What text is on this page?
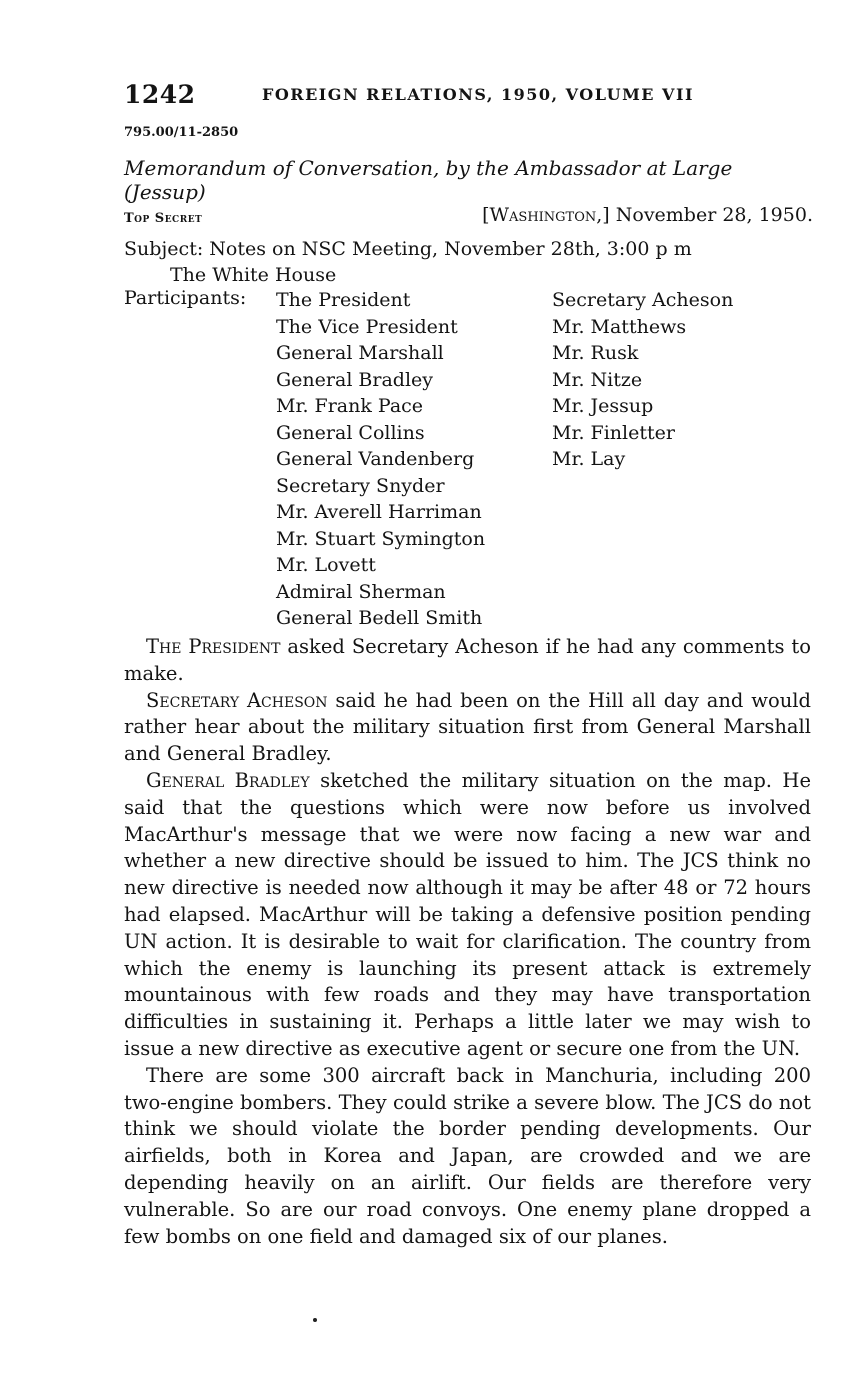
1242	FOREIGN RELATIONS, 1950, VOLUME VII
795.00/11-2850
Memorandum of Conversation, by the Ambassador at Large (Jessup)
Top Secret	[Washington,] November 28, 1950.
Subject: Notes on NSC Meeting, November 28th, 3:00 p m
The White House
Participants: The President
The Vice President
General Marshall
General Bradley
Mr. Frank Pace
General Collins
General Vandenberg
Secretary Snyder
Mr. Averell Harriman
Mr. Stuart Symington
Mr. Lovett
Admiral Sherman
General Bedell Smith
Secretary Acheson
Mr. Matthews
Mr. Rusk
Mr. Nitze
Mr. Jessup
Mr. Finletter
Mr. Lay

The President asked Secretary Acheson if he had any comments to make.

Secretary Acheson said he had been on the Hill all day and would rather hear about the military situation first from General Marshall and General Bradley.

General Bradley sketched the military situation on the map. He said that the questions which were now before us involved MacArthur's message that we were now facing a new war and whether a new directive should be issued to him. The JCS think no new directive is needed now although it may be after 48 or 72 hours had elapsed. MacArthur will be taking a defensive position pending UN action. It is desirable to wait for clarification. The country from which the enemy is launching its present attack is extremely mountainous with few roads and they may have transportation difficulties in sustaining it. Perhaps a little later we may wish to issue a new directive as executive agent or secure one from the UN.

There are some 300 aircraft back in Manchuria, including 200 two-engine bombers. They could strike a severe blow. The JCS do not think we should violate the border pending developments. Our airfields, both in Korea and Japan, are crowded and we are depending heavily on an airlift. Our fields are therefore very vulnerable. So are our road convoys. One enemy plane dropped a few bombs on one field and damaged six of our planes.
